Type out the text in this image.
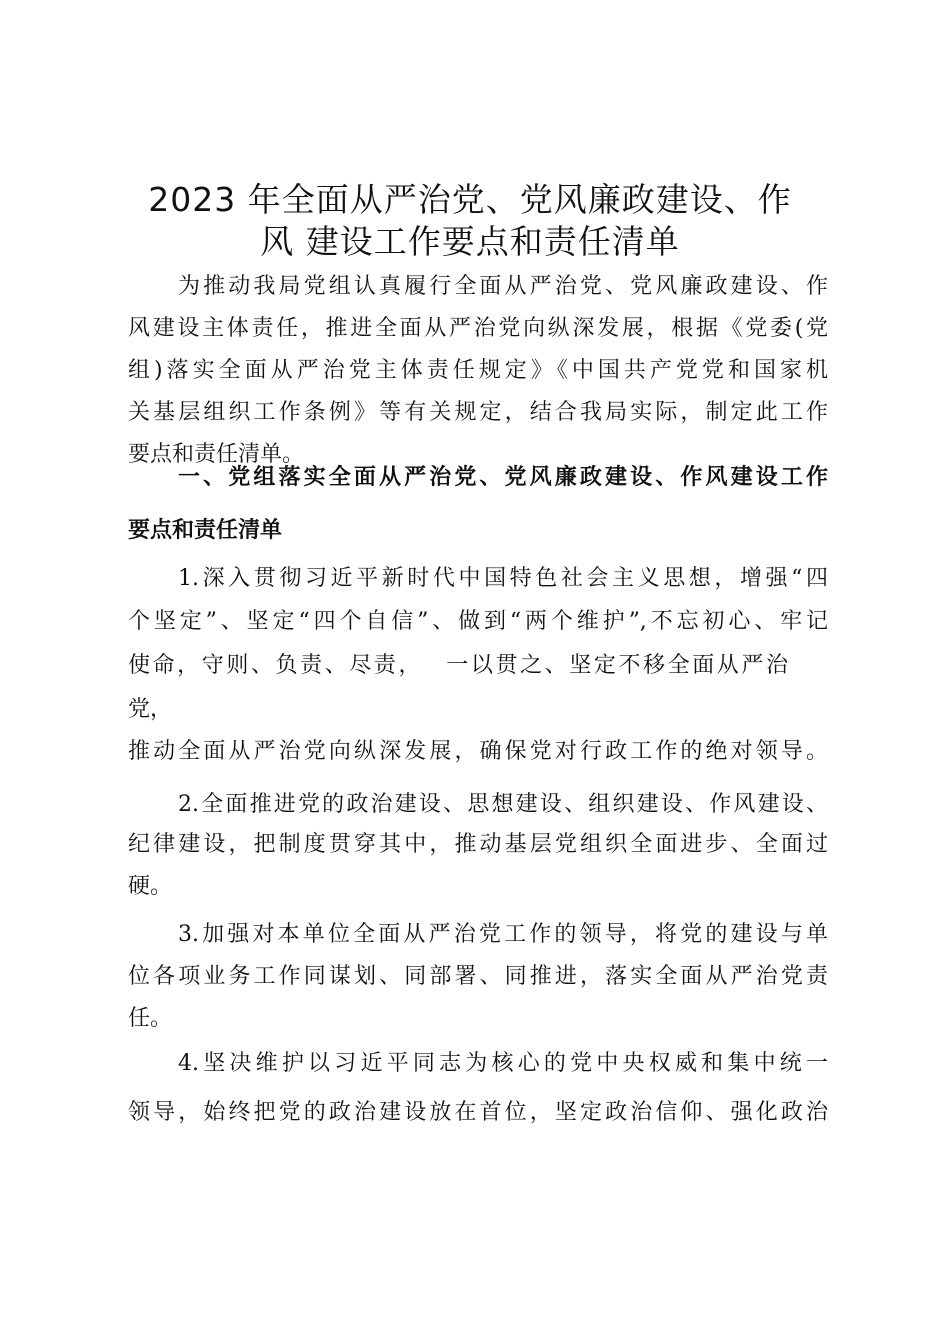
2023 年全面从严治党、党风廉政建设、作
风 建设工作要点和责任清单
为推动我局党组认真履行全面从严治党、党风廉政建设、作
风建设主体责任，推进全面从严治党向纵深发展，根据《党委(党
组)落实全面从严治党主体责任规定》《中国共产党党和国家机
关基层组织工作条例》等有关规定，结合我局实际，制定此工作
要点和责任清单。
一、党组落实全面从严治党、党风廉政建设、作风建设工作
要点和责任清单
1.深入贯彻习近平新时代中国特色社会主义思想，增强“四
个坚定”、坚定“四个自信”、做到“两个维护”,不忘初心、牢记
使命，守则、负责、尽责，　 一以贯之、坚定不移全面从严治
党，
推动全面从严治党向纵深发展，确保党对行政工作的绝对领导。
2.全面推进党的政治建设、思想建设、组织建设、作风建设、
纪律建设，把制度贯穿其中，推动基层党组织全面进步、全面过
硬。
3.加强对本单位全面从严治党工作的领导，将党的建设与单
位各项业务工作同谋划、同部署、同推进，落实全面从严治党责
任。
4.坚决维护以习近平同志为核心的党中央权威和集中统一
领导，始终把党的政治建设放在首位，坚定政治信仰、强化政治
